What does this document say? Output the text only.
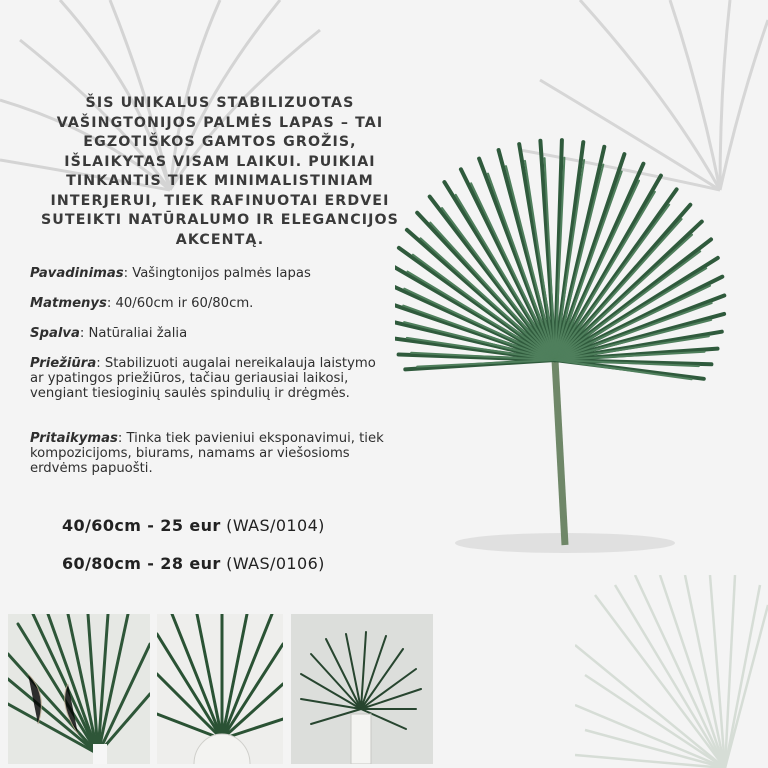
ŠIS UNIKALUS STABILIZUOTAS VAŠINGTONIJOS PALMĖS LAPAS – TAI EGZOTIŠKOS GAMTOS GROŽIS, IŠLAIKYTAS VISAM LAIKUI. PUIKIAI TINKANTIS TIEK MINIMALISTINIAM INTERJERUI, TIEK RAFINUOTAI ERDVEI SUTEIKTI NATŪRALUMO IR ELEGANCIJOS AKCENTĄ.
Pavadinimas: Vašingtonijos palmės lapas
Matmenys: 40/60cm ir 60/80cm.
Spalva: Natūraliai žalia
Priežiūra: Stabilizuoti augalai nereikalauja laistymo ar ypatingos priežiūros, tačiau geriausiai laikosi, vengiant tiesioginių saulės spindulių ir drėgmės.
Pritaikymas: Tinka tiek pavieniui eksponavimui, tiek kompozicijoms, biurams, namams ar viešosioms erdvėms papuošti.
40/60cm - 25 eur (WAS/0104)
60/80cm - 28 eur (WAS/0106)
